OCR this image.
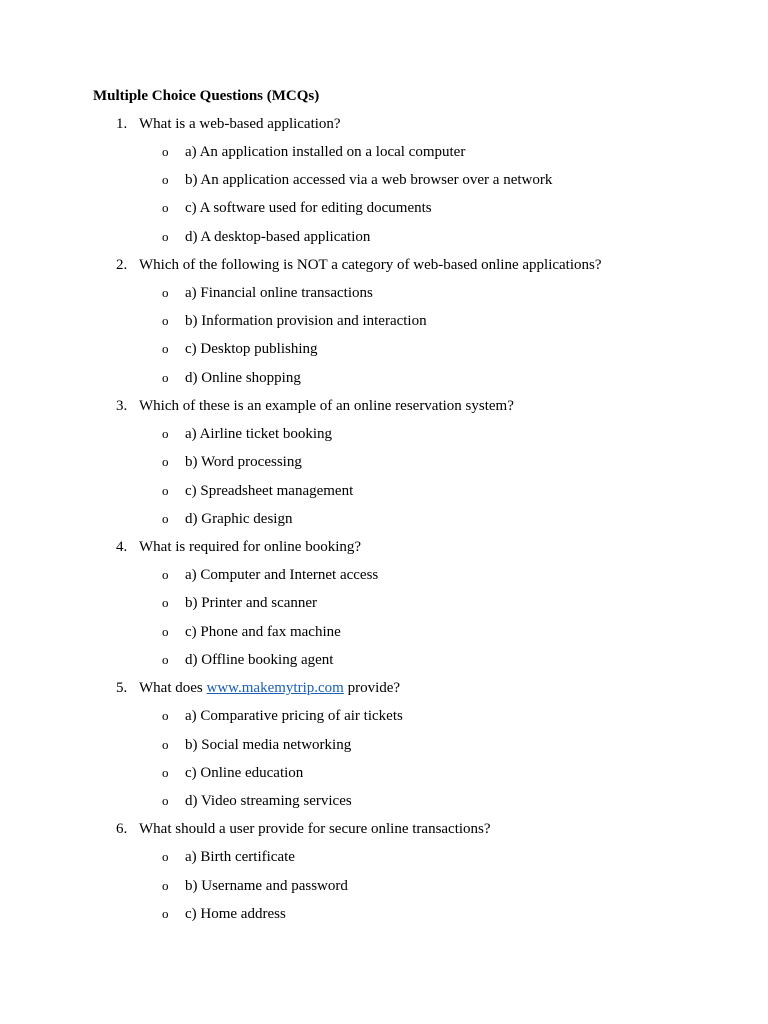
Multiple Choice Questions (MCQs)
1. What is a web-based application?
o a) An application installed on a local computer
o b) An application accessed via a web browser over a network
o c) A software used for editing documents
o d) A desktop-based application
2. Which of the following is NOT a category of web-based online applications?
o a) Financial online transactions
o b) Information provision and interaction
o c) Desktop publishing
o d) Online shopping
3. Which of these is an example of an online reservation system?
o a) Airline ticket booking
o b) Word processing
o c) Spreadsheet management
o d) Graphic design
4. What is required for online booking?
o a) Computer and Internet access
o b) Printer and scanner
o c) Phone and fax machine
o d) Offline booking agent
5. What does www.makemytrip.com provide?
o a) Comparative pricing of air tickets
o b) Social media networking
o c) Online education
o d) Video streaming services
6. What should a user provide for secure online transactions?
o a) Birth certificate
o b) Username and password
o c) Home address
